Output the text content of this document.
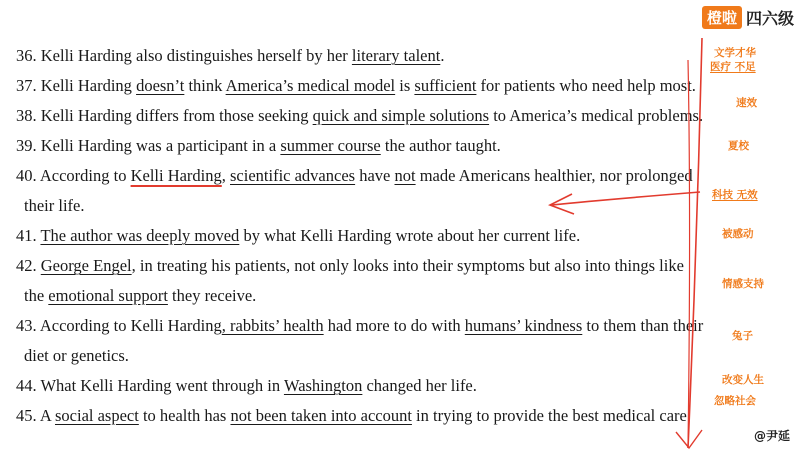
橙啦 四六级
36. Kelli Harding also distinguishes herself by her literary talent.
37. Kelli Harding doesn’t think America’s medical model is sufficient for patients who need help most.
38. Kelli Harding differs from those seeking quick and simple solutions to America’s medical problems.
39. Kelli Harding was a participant in a summer course the author taught.
40. According to Kelli Harding, scientific advances have not made Americans healthier, nor prolonged
their life.
41. The author was deeply moved by what Kelli Harding wrote about her current life.
42. George Engel, in treating his patients, not only looks into their symptoms but also into things like
the emotional support they receive.
43. According to Kelli Harding, rabbits’ health had more to do with humans’ kindness to them than their
diet or genetics.
44. What Kelli Harding went through in Washington changed her life.
45. A social aspect to health has not been taken into account in trying to provide the best medical care.
文学才华
医疗 不足
速效
夏校
科技 无效
被感动
情感支持
兔子
改变人生
忽略社会
@尹延
